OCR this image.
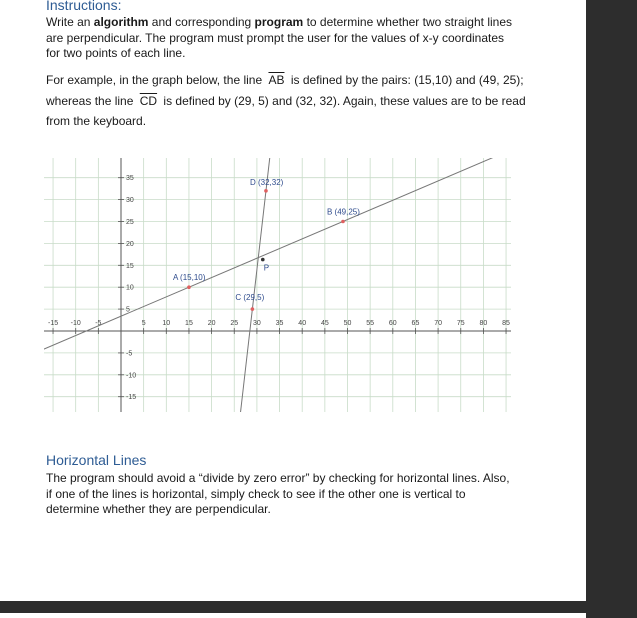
Instructions:
Write an algorithm and corresponding program to determine whether two straight lines are perpendicular. The program must prompt the user for the values of x-y coordinates for two points of each line.
For example, in the graph below, the line $\overline{AB}$ is defined by the pairs: (15,10) and (49, 25); whereas the line $\overline{CD}$ is defined by (29, 5) and (32, 32). Again, these values are to be read from the keyboard.
-15 -10 -5	5 10 15 20 25 30 35 40 45 50 55 60 65 70 75 80 85
35
30
25
20
15
10
5
-5
-10
-15
A (15,10)
B (49,25)
C (29,5)
D (32,32)
P
Horizontal Lines
The program should avoid a “divide by zero error” by checking for horizontal lines. Also, if one of the lines is horizontal, simply check to see if the other one is vertical to determine whether they are perpendicular.
